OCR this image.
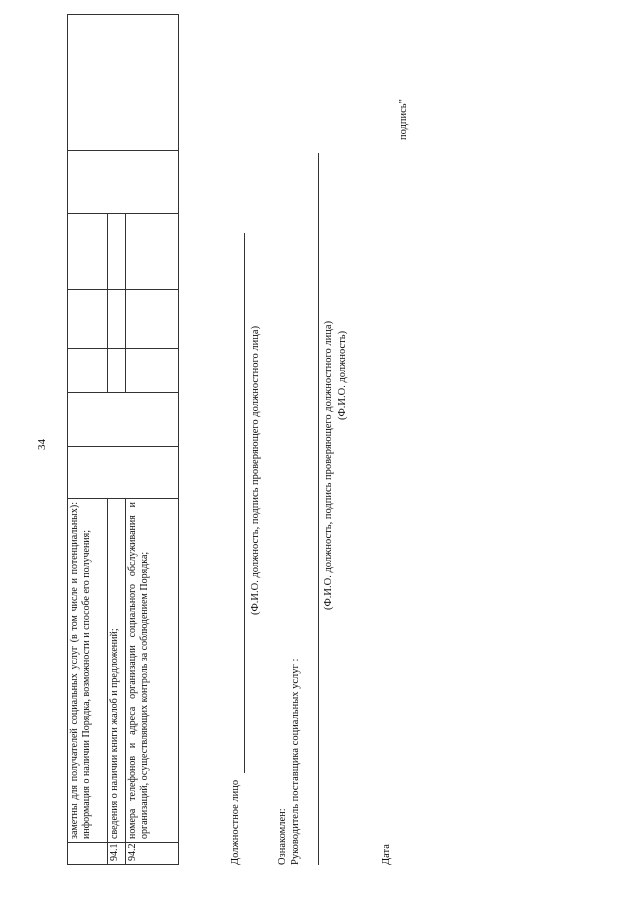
34
	заметны для получателей социальных услуг (в том числе и потенциальных): информация о наличии Порядка, возможности и способе его получения;							
94.1	сведения о наличии книги жалоб и предложений;							
94.2	номера телефонов и адреса организации социального обслуживания и организаций, осуществляющих контроль за соблюдением Порядка;								Должностное лицо
(Ф.И.О. должность, подпись проверяющего должностного лица)
Ознакомлен: Руководитель поставщика социальных услуг :
(Ф.И.О. должность, подпись проверяющего должностного лица) (Ф.И.О. должность)
Дата
подпись"
